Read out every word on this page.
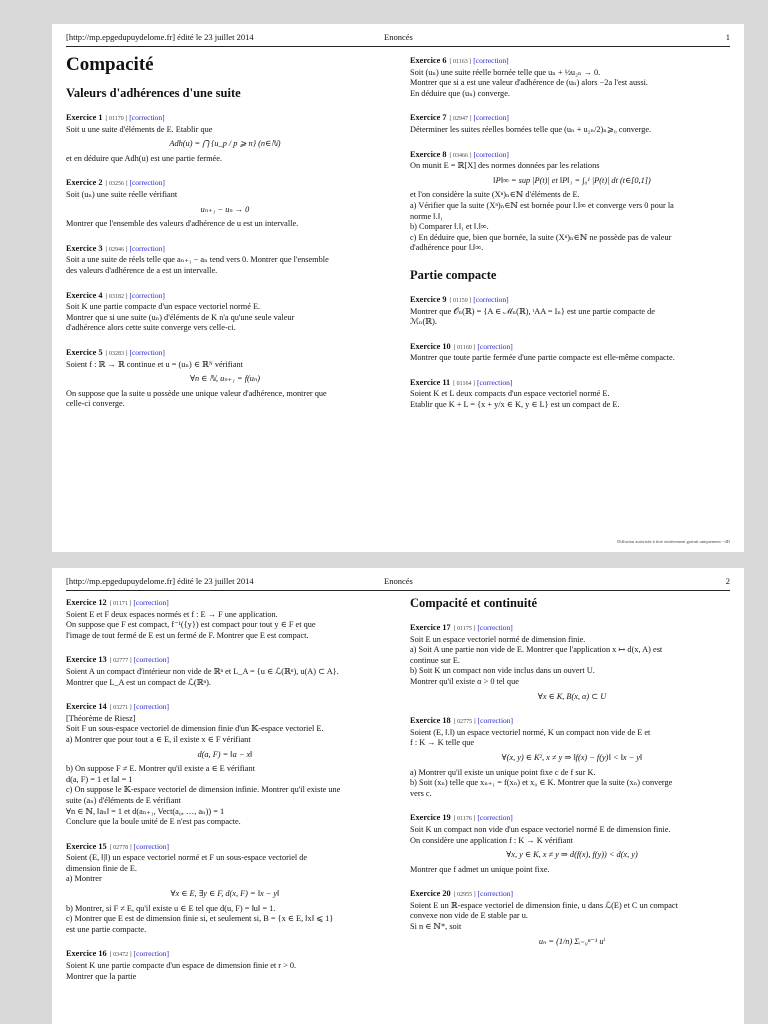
[http://mp.epgedupuydelome.fr] édité le 23 juillet 2014	Enoncés	1
Compacité
Valeurs d'adhérences d'une suite
Exercice 1 [ 01170 ] [correction]
Soit u une suite d'éléments de E. Etablir que
Adh(u) = ⋂ {u_p / p ⩾ n} (n∈ℕ)
et en déduire que Adh(u) est une partie fermée.
Exercice 2 [ 03256 ] [correction]
Soit (uₙ) une suite réelle vérifiant
uₙ₊₁ − uₙ → 0
Montrer que l'ensemble des valeurs d'adhérence de u est un intervalle.
Exercice 3 [ 02946 ] [correction]
Soit a une suite de réels telle que aₙ₊₁ − aₙ tend vers 0. Montrer que l'ensemble
des valeurs d'adhérence de a est un intervalle.
Exercice 4 [ 03182 ] [correction]
Soit K une partie compacte d'un espace vectoriel normé E.
Montrer que si une suite (uₙ) d'éléments de K n'a qu'une seule valeur
d'adhérence alors cette suite converge vers celle-ci.
Exercice 5 [ 03283 ] [correction]
Soient f : ℝ → ℝ continue et u = (uₙ) ∈ ℝᴺ vérifiant
∀n ∈ ℕ, uₙ₊₁ = f(uₙ)
On suppose que la suite u possède une unique valeur d'adhérence, montrer que
celle-ci converge.
Exercice 6 [ 01163 ] [correction]
Soit (uₙ) une suite réelle bornée telle que uₙ + ½u₂ₙ → 0.
Montrer que si a est une valeur d'adhérence de (uₙ) alors −2a l'est aussi.
En déduire que (uₙ) converge.
Exercice 7 [ 02947 ] [correction]
Déterminer les suites réelles bornées telle que (uₙ + u₂ₙ/2)ₙ⩾₀ converge.
Exercice 8 [ 03466 ] [correction]
On munit E = ℝ[X] des normes données par les relations
‖P‖∞ = sup |P(t)| et ‖P‖₁ = ∫₀¹ |P(t)| dt (t∈[0,1])
et l'on considère la suite (Xⁿ)ₙ∈ℕ d'éléments de E.
a) Vérifier que la suite (Xⁿ)ₙ∈ℕ est bornée pour ‖.‖∞ et converge vers 0 pour la
norme ‖.‖₁
b) Comparer ‖.‖₁ et ‖.‖∞.
c) En déduire que, bien que bornée, la suite (Xⁿ)ₙ∈ℕ ne possède pas de valeur
d'adhérence pour ‖.‖∞.
Partie compacte
Exercice 9 [ 01159 ] [correction]
Montrer que 𝒪ₙ(ℝ) = {A ∈ ℳₙ(ℝ), ᵗAA = Iₙ} est une partie compacte de
ℳₙ(ℝ).
Exercice 10 [ 01160 ] [correction]
Montrer que toute partie fermée d'une partie compacte est elle-même compacte.
Exercice 11 [ 01164 ] [correction]
Soient K et L deux compacts d'un espace vectoriel normé E.
Etablir que K + L = {x + y/x ∈ K, y ∈ L} est un compact de E.
Diffusion autorisée à titre entièrement gratuit uniquement - dD
[http://mp.epgedupuydelome.fr] édité le 23 juillet 2014	Enoncés	2
Exercice 12 [ 01171 ] [correction]
Soient E et F deux espaces normés et f : E → F une application.
On suppose que F est compact, f⁻¹({y}) est compact pour tout y ∈ F et que
l'image de tout fermé de E est un fermé de F. Montrer que E est compact.
Exercice 13 [ 02777 ] [correction]
Soient A un compact d'intérieur non vide de ℝⁿ et L_A = {u ∈ ℒ(ℝⁿ), u(A) ⊂ A}.
Montrer que L_A est un compact de ℒ(ℝⁿ).
Exercice 14 [ 03271 ] [correction]
[Théorème de Riesz]
Soit F un sous-espace vectoriel de dimension finie d'un 𝕂-espace vectoriel E.
a) Montrer que pour tout a ∈ E, il existe x ∈ F vérifiant
d(a, F) = ‖a − x‖
b) On suppose F ≠ E. Montrer qu'il existe a ∈ E vérifiant
d(a, F) = 1 et ‖a‖ = 1
c) On suppose le 𝕂-espace vectoriel de dimension infinie. Montrer qu'il existe une
suite (aₙ) d'éléments de E vérifiant
∀n ∈ ℕ, ‖aₙ‖ = 1 et d(aₙ₊₁, Vect(a₀, …, aₙ)) = 1
Conclure que la boule unité de E n'est pas compacte.
Exercice 15 [ 02778 ] [correction]
Soient (E, ‖|‖) un espace vectoriel normé et F un sous-espace vectoriel de
dimension finie de E.
a) Montrer
∀x ∈ E, ∃y ∈ F, d(x, F) = ‖x − y‖
b) Montrer, si F ≠ E, qu'il existe u ∈ E tel que d(u, F) = ‖u‖ = 1.
c) Montrer que E est de dimension finie si, et seulement si, B = {x ∈ E, ‖x‖ ⩽ 1}
est une partie compacte.
Exercice 16 [ 03472 ] [correction]
Soient K une partie compacte d'un espace de dimension finie et r > 0.
Montrer que la partie
Compacité et continuité
Exercice 17 [ 01175 ] [correction]
Soit E un espace vectoriel normé de dimension finie.
a) Soit A une partie non vide de E. Montrer que l'application x ↦ d(x, A) est
continue sur E.
b) Soit K un compact non vide inclus dans un ouvert U.
Montrer qu'il existe α > 0 tel que
∀x ∈ K, B(x, α) ⊂ U
Exercice 18 [ 02775 ] [correction]
Soient (E, ‖.‖) un espace vectoriel normé, K un compact non vide de E et
f : K → K telle que
∀(x, y) ∈ K², x ≠ y ⇒ ‖f(x) − f(y)‖ < ‖x − y‖
a) Montrer qu'il existe un unique point fixe c de f sur K.
b) Soit (xₙ) telle que xₙ₊₁ = f(xₙ) et x₀ ∈ K. Montrer que la suite (xₙ) converge
vers c.
Exercice 19 [ 01176 ] [correction]
Soit K un compact non vide d'un espace vectoriel normé E de dimension finie.
On considère une application f : K → K vérifiant
∀x, y ∈ K, x ≠ y ⇒ d(f(x), f(y)) < d(x, y)
Montrer que f admet un unique point fixe.
Exercice 20 [ 02955 ] [correction]
Soient E un ℝ-espace vectoriel de dimension finie, u dans ℒ(E) et C un compact
convexe non vide de E stable par u.
Si n ∈ ℕ*, soit
uₙ = (1/n) Σᵢ₌₀ⁿ⁻¹ uⁱ
